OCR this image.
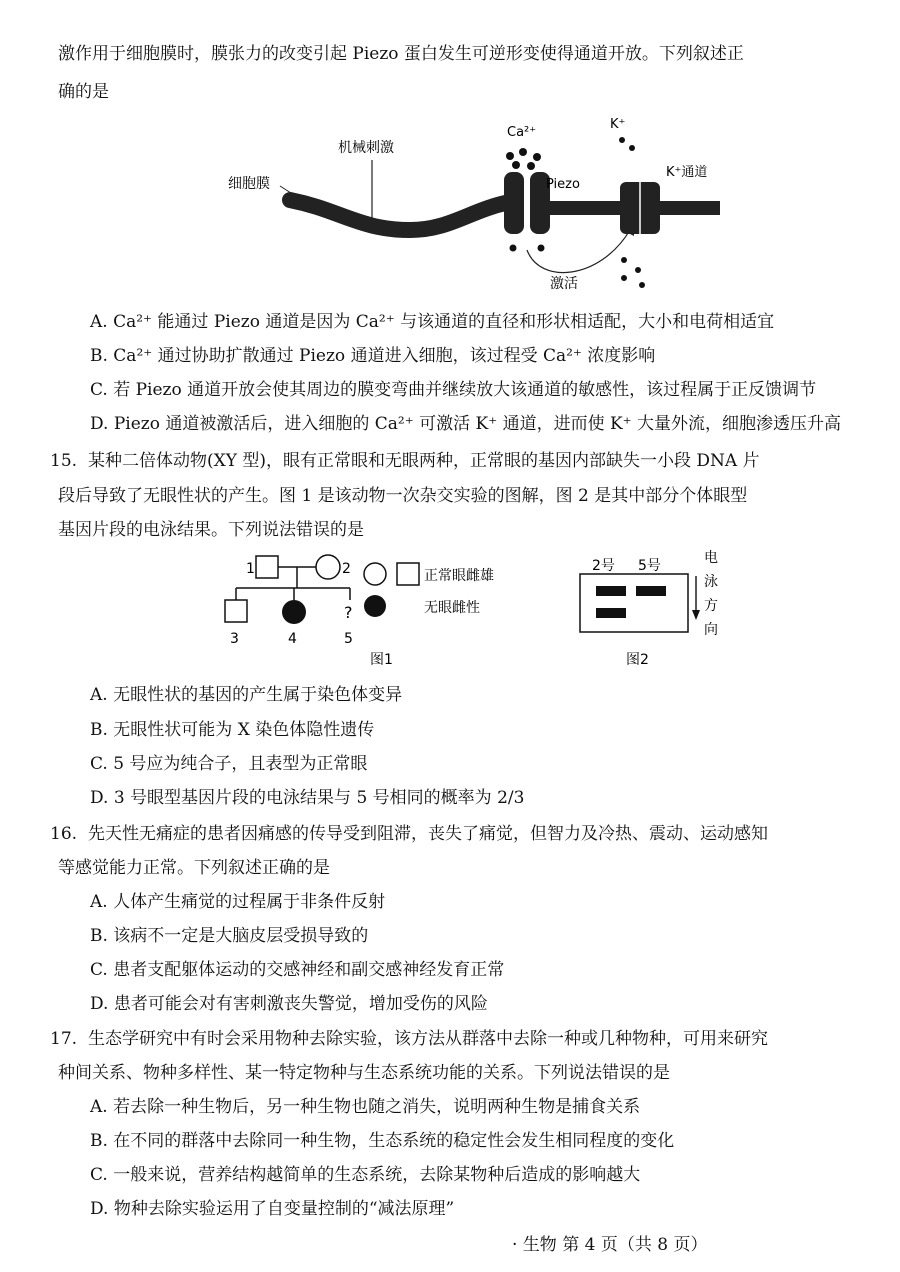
激作用于细胞膜时，膜张力的改变引起 Piezo 蛋白发生可逆形变使得通道开放。下列叙述正
确的是
细胞膜
机械刺激
Ca²⁺
Piezo
激活
K⁺
K⁺通道
A. Ca²⁺ 能通过 Piezo 通道是因为 Ca²⁺ 与该通道的直径和形状相适配，大小和电荷相适宜
B. Ca²⁺ 通过协助扩散通过 Piezo 通道进入细胞，该过程受 Ca²⁺ 浓度影响
C. 若 Piezo 通道开放会使其周边的膜变弯曲并继续放大该通道的敏感性，该过程属于正反馈调节
D. Piezo 通道被激活后，进入细胞的 Ca²⁺ 可激活 K⁺ 通道，进而使 K⁺ 大量外流，细胞渗透压升高
15. 某种二倍体动物(XY 型)，眼有正常眼和无眼两种，正常眼的基因内部缺失一小段 DNA 片
段后导致了无眼性状的产生。图 1 是该动物一次杂交实验的图解，图 2 是其中部分个体眼型
基因片段的电泳结果。下列说法错误的是
1	2
?
3	4	5
正常眼雌雄
无眼雌性
图1
2号 5号	电
泳
方
向
图2
A. 无眼性状的基因的产生属于染色体变异
B. 无眼性状可能为 X 染色体隐性遗传
C. 5 号应为纯合子，且表型为正常眼
D. 3 号眼型基因片段的电泳结果与 5 号相同的概率为 2/3
16. 先天性无痛症的患者因痛感的传导受到阻滞，丧失了痛觉，但智力及冷热、震动、运动感知
等感觉能力正常。下列叙述正确的是
A. 人体产生痛觉的过程属于非条件反射
B. 该病不一定是大脑皮层受损导致的
C. 患者支配躯体运动的交感神经和副交感神经发育正常
D. 患者可能会对有害刺激丧失警觉，增加受伤的风险
17. 生态学研究中有时会采用物种去除实验，该方法从群落中去除一种或几种物种，可用来研究
种间关系、物种多样性、某一特定物种与生态系统功能的关系。下列说法错误的是
A. 若去除一种生物后，另一种生物也随之消失，说明两种生物是捕食关系
B. 在不同的群落中去除同一种生物，生态系统的稳定性会发生相同程度的变化
C. 一般来说，营养结构越简单的生态系统，去除某物种后造成的影响越大
D. 物种去除实验运用了自变量控制的“减法原理”
· 生物 第 4 页（共 8 页）
